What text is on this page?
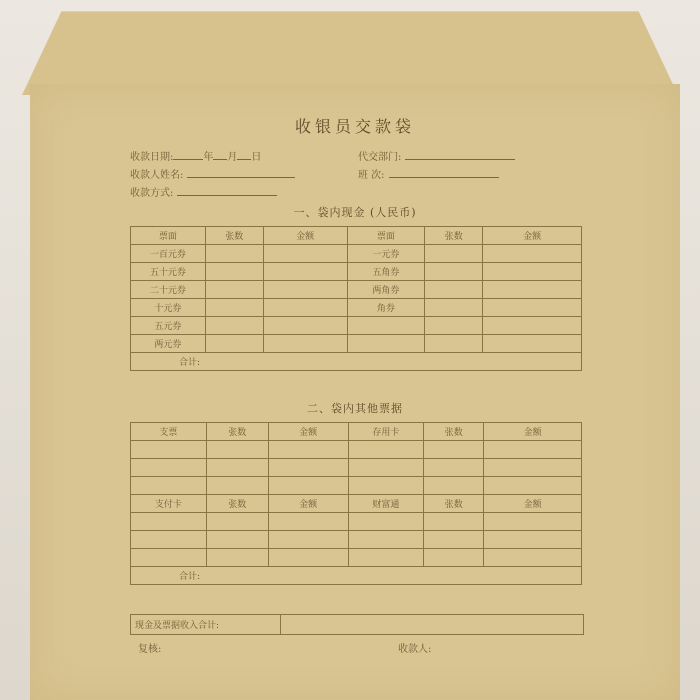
收银员交款袋
收款日期:	年 月 日	代交部门:
收款人姓名:	班 次:
收款方式:
一、袋内现金 (人民币)
票面	张数	金额	票面	张数	金额
一百元券			一元券		
五十元券			五角券		
二十元券			两角券		
十元券			角券		
五元券					
两元券					
合计:					
二、袋内其他票据
支票	张数	金额	存用卡	张数	金额

支付卡	张数	金额	财富通	张数	金额

合计:					
现金及票据收入合计:	
复核:	收款人:
